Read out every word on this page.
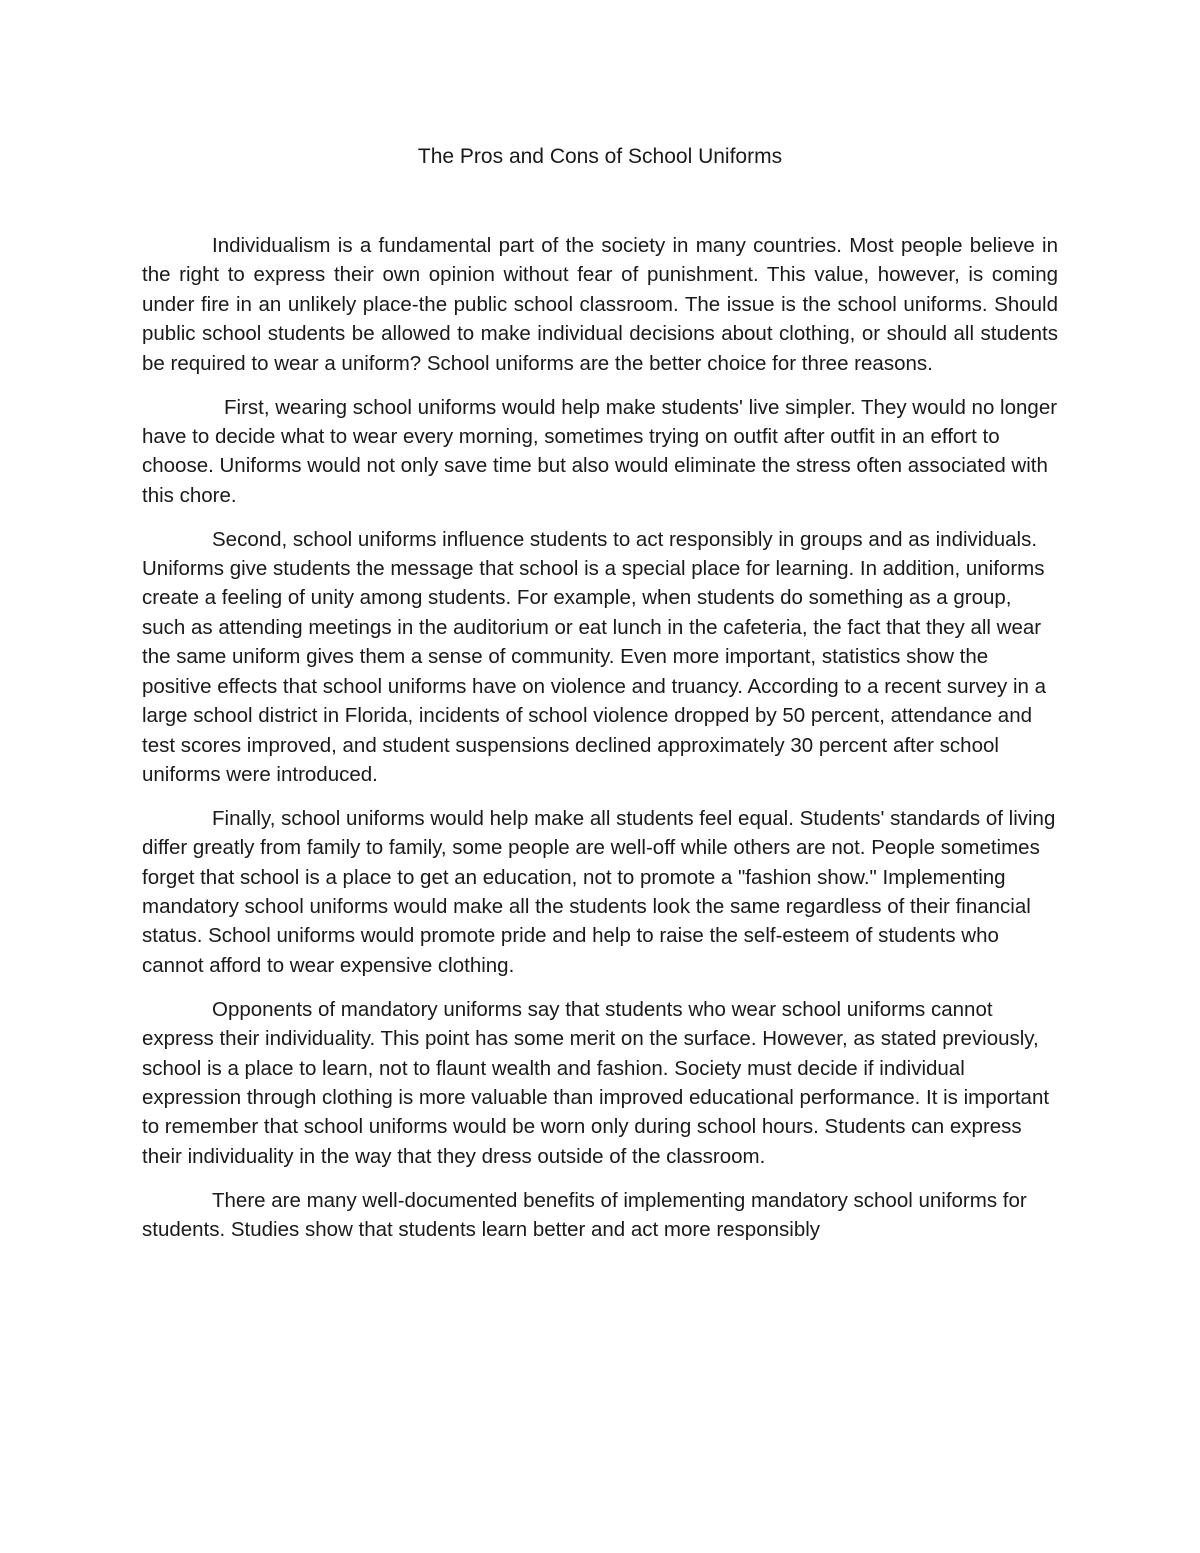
The Pros and Cons of School Uniforms

Individualism is a fundamental part of the society in many countries. Most people believe in the right to express their own opinion without fear of punishment. This value, however, is coming under fire in an unlikely place-the public school classroom. The issue is the school uniforms. Should public school students be allowed to make individual decisions about clothing, or should all students be required to wear a uniform? School uniforms are the better choice for three reasons.

First, wearing school uniforms would help make students' live simpler. They would no longer have to decide what to wear every morning, sometimes trying on outfit after outfit in an effort to choose. Uniforms would not only save time but also would eliminate the stress often associated with this chore.

Second, school uniforms influence students to act responsibly in groups and as individuals. Uniforms give students the message that school is a special place for learning. In addition, uniforms create a feeling of unity among students. For example, when students do something as a group, such as attending meetings in the auditorium or eat lunch in the cafeteria, the fact that they all wear the same uniform gives them a sense of community. Even more important, statistics show the positive effects that school uniforms have on violence and truancy. According to a recent survey in a large school district in Florida, incidents of school violence dropped by 50 percent, attendance and test scores improved, and student suspensions declined approximately 30 percent after school uniforms were introduced.

Finally, school uniforms would help make all students feel equal. Students' standards of living differ greatly from family to family, some people are well-off while others are not. People sometimes forget that school is a place to get an education, not to promote a "fashion show." Implementing mandatory school uniforms would make all the students look the same regardless of their financial status. School uniforms would promote pride and help to raise the self-esteem of students who cannot afford to wear expensive clothing.

Opponents of mandatory uniforms say that students who wear school uniforms cannot express their individuality. This point has some merit on the surface. However, as stated previously, school is a place to learn, not to flaunt wealth and fashion. Society must decide if individual expression through clothing is more valuable than improved educational performance. It is important to remember that school uniforms would be worn only during school hours. Students can express their individuality in the way that they dress outside of the classroom.

There are many well-documented benefits of implementing mandatory school uniforms for students. Studies show that students learn better and act more responsibly
